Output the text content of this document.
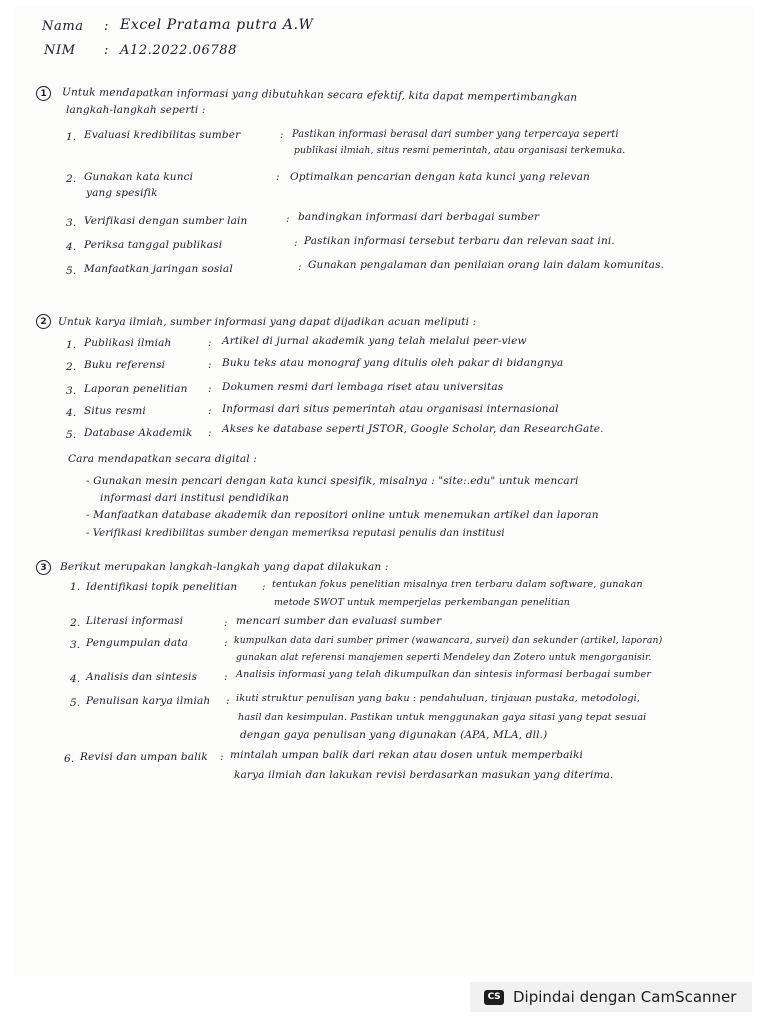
Nama : Excel Pratama putra A.W
NIM : A12.2022.06788
1	Untuk mendapatkan informasi yang dibutuhkan secara efektif, kita dapat mempertimbangkan
langkah-langkah seperti :
1. Evaluasi kredibilitas sumber	: Pastikan informasi berasal dari sumber yang terpercaya seperti
publikasi ilmiah, situs resmi pemerintah, atau organisasi terkemuka.
2. Gunakan kata kunci
yang spesifik
: Optimalkan pencarian dengan kata kunci yang relevan
3. Verifikasi dengan sumber lain	: bandingkan informasi dari berbagai sumber
4. Periksa tanggal publikasi	: Pastikan informasi tersebut terbaru dan relevan saat ini.
5. Manfaatkan jaringan sosial	: Gunakan pengalaman dan penilaian orang lain dalam komunitas.
2	Untuk karya ilmiah, sumber informasi yang dapat dijadikan acuan meliputi :
1. Publikasi ilmiah	: Artikel di jurnal akademik yang telah melalui peer-view
2. Buku referensi	: Buku teks atau monograf yang ditulis oleh pakar di bidangnya
3. Laporan penelitian : Dokumen resmi dari lembaga riset atau universitas
4. Situs resmi	: Informasi dari situs pemerintah atau organisasi internasional
5. Database Akademik : Akses ke database seperti JSTOR, Google Scholar, dan ResearchGate.
Cara mendapatkan secara digital :
- Gunakan mesin pencari dengan kata kunci spesifik, misalnya : "site:.edu" untuk mencari
informasi dari institusi pendidikan
- Manfaatkan database akademik dan repositori online untuk menemukan artikel dan laporan
- Verifikasi kredibilitas sumber dengan memeriksa reputasi penulis dan institusi
3	Berikut merupakan langkah-langkah yang dapat dilakukan :
1. Identifikasi topik penelitian : tentukan fokus penelitian misalnya tren terbaru dalam software, gunakan
metode SWOT untuk memperjelas perkembangan penelitian
2. Literasi informasi	: mencari sumber dan evaluasi sumber
3. Pengumpulan data	: kumpulkan data dari sumber primer (wawancara, survei) dan sekunder (artikel, laporan)
gunakan alat referensi manajemen seperti Mendeley dan Zotero untuk mengorganisir.
4. Analisis dan sintesis	: Analisis informasi yang telah dikumpulkan dan sintesis informasi berbagai sumber
5. Penulisan karya ilmiah : ikuti struktur penulisan yang baku : pendahuluan, tinjauan pustaka, metodologi,
hasil dan kesimpulan. Pastikan untuk menggunakan gaya sitasi yang tepat sesuai
dengan gaya penulisan yang digunakan (APA, MLA, dll.)
6. Revisi dan umpan balik : mintalah umpan balik dari rekan atau dosen untuk memperbaiki
karya ilmiah dan lakukan revisi berdasarkan masukan yang diterima.
CS Dipindai dengan CamScanner
